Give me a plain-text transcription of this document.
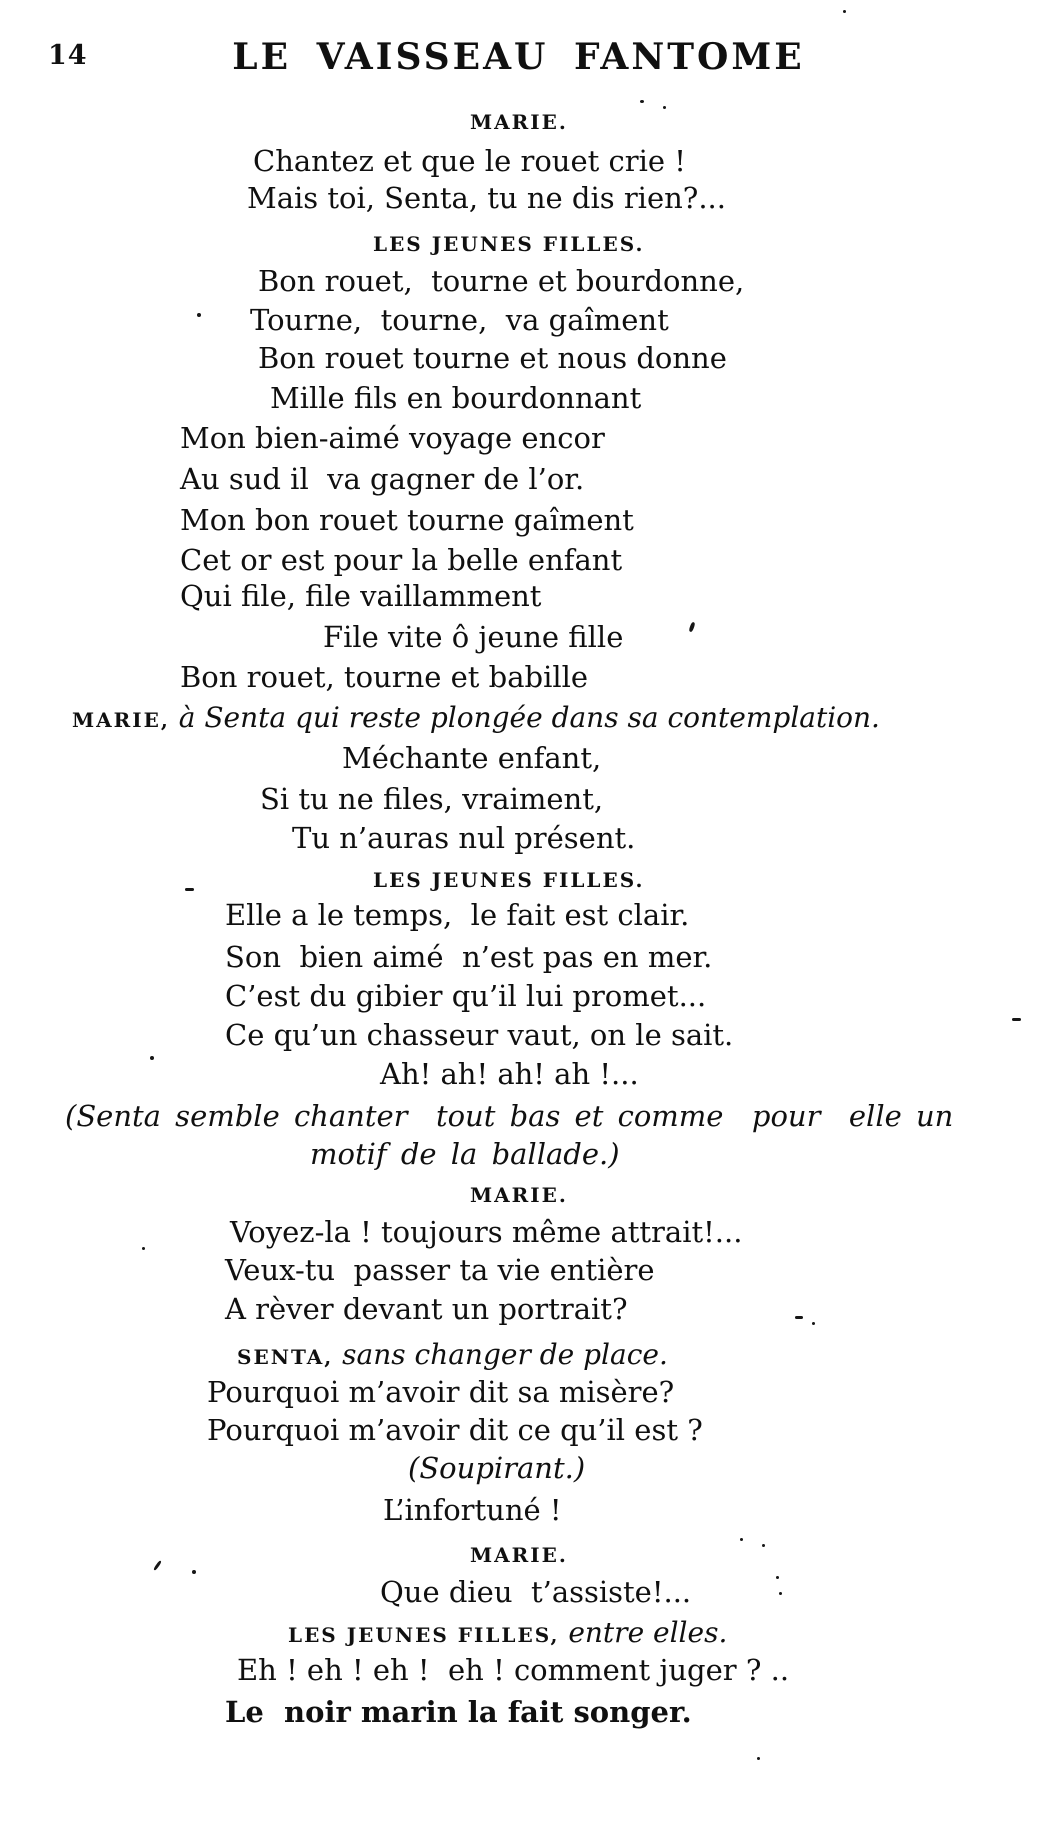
14	LE VAISSEAU FANTOME
MARIE.
Chantez et que le rouet crie !
Mais toi, Senta, tu ne dis rien?...
LES JEUNES FILLES.
Bon rouet,  tourne et bourdonne,
Tourne,  tourne,  va gaîment
Bon rouet tourne et nous donne
Mille fils en bourdonnant
Mon bien-aimé voyage encor
Au sud il  va gagner de l’or.
Mon bon rouet tourne gaîment
Cet or est pour la belle enfant
Qui file, file vaillamment
File vite ô jeune fille
Bon rouet, tourne et babille
MARIE, à Senta qui reste plongée dans sa contemplation.
Méchante enfant,
Si tu ne files, vraiment,
Tu n’auras nul présent.
LES JEUNES FILLES.
Elle a le temps,  le fait est clair.
Son  bien aimé  n’est pas en mer.
C’est du gibier qu’il lui promet...
Ce qu’un chasseur vaut, on le sait.
Ah! ah! ah! ah !...
(Senta semble chanter  tout bas et comme  pour  elle un
motif de la ballade.)
MARIE.
Voyez-la ! toujours même attrait!...
Veux-tu  passer ta vie entière
A rèver devant un portrait?
SENTA, sans changer de place.
Pourquoi m’avoir dit sa misère?
Pourquoi m’avoir dit ce qu’il est ?
(Soupirant.)
L’infortuné !
MARIE.
Que dieu  t’assiste!...
LES JEUNES FILLES, entre elles.
Eh ! eh ! eh !  eh ! comment juger ? ..
Le  noir marin la fait songer.
